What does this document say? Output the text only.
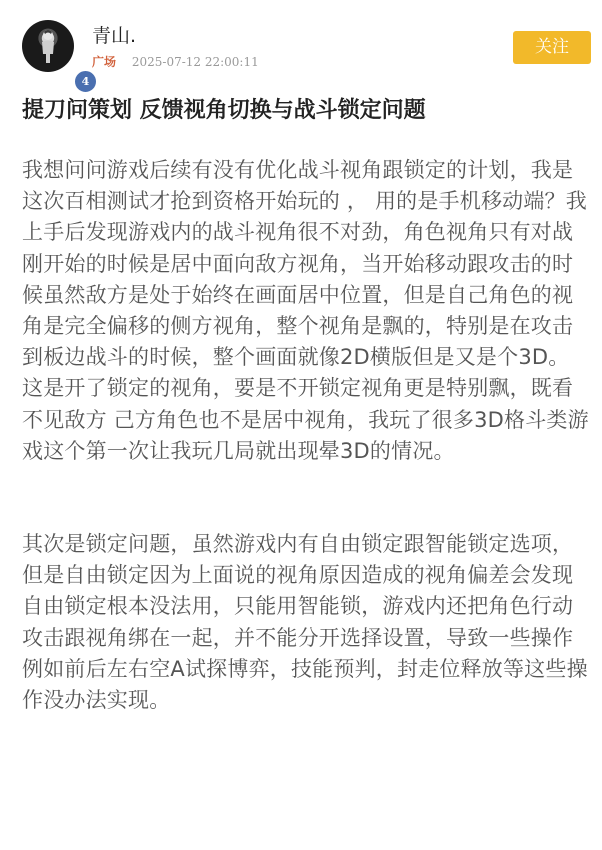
4
青山.
广场 2025-07-12 22:00:11
关注
提刀问策划 反馈视角切换与战斗锁定问题

我想问问游戏后续有没有优化战斗视角跟锁定的计划，我是这次百相测试才抢到资格开始玩的 ， 用的是手机移动端？我上手后发现游戏内的战斗视角很不对劲，角色视角只有对战刚开始的时候是居中面向敌方视角，当开始移动跟攻击的时候虽然敌方是处于始终在画面居中位置，但是自己角色的视角是完全偏移的侧方视角，整个视角是飘的，特别是在攻击到板边战斗的时候，整个画面就像2D横版但是又是个3D。这是开了锁定的视角，要是不开锁定视角更是特别飘，既看不见敌方 己方角色也不是居中视角，我玩了很多3D格斗类游戏这个第一次让我玩几局就出现晕3D的情况。

其次是锁定问题，虽然游戏内有自由锁定跟智能锁定选项，但是自由锁定因为上面说的视角原因造成的视角偏差会发现自由锁定根本没法用，只能用智能锁，游戏内还把角色行动攻击跟视角绑在一起，并不能分开选择设置，导致一些操作例如前后左右空A试探博弈，技能预判，封走位释放等这些操作没办法实现。
